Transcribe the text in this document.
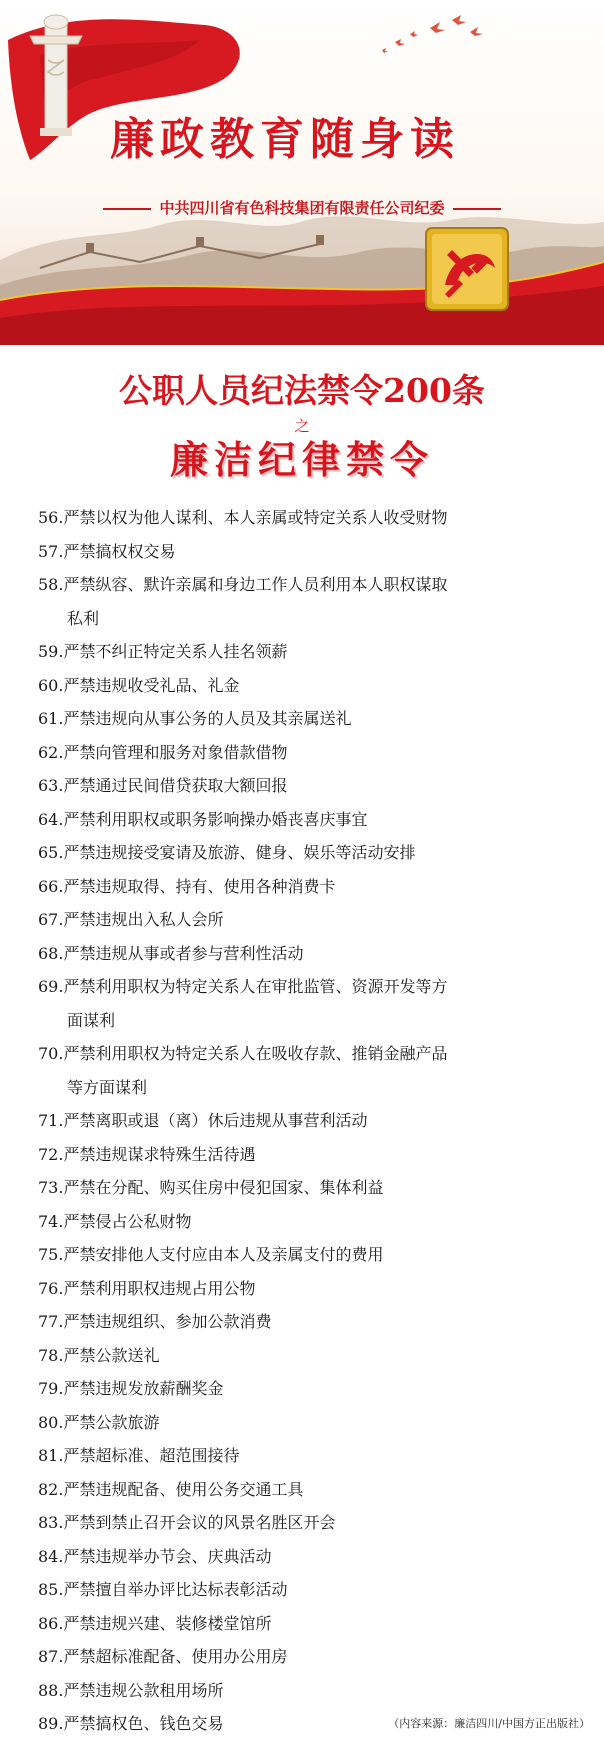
廉政教育随身读
中共四川省有色科技集团有限责任公司纪委
公职人员纪法禁令200条
之
廉洁纪律禁令
56.严禁以权为他人谋利、本人亲属或特定关系人收受财物
57.严禁搞权权交易
58.严禁纵容、默许亲属和身边工作人员利用本人职权谋取
私利
59.严禁不纠正特定关系人挂名领薪
60.严禁违规收受礼品、礼金
61.严禁违规向从事公务的人员及其亲属送礼
62.严禁向管理和服务对象借款借物
63.严禁通过民间借贷获取大额回报
64.严禁利用职权或职务影响操办婚丧喜庆事宜
65.严禁违规接受宴请及旅游、健身、娱乐等活动安排
66.严禁违规取得、持有、使用各种消费卡
67.严禁违规出入私人会所
68.严禁违规从事或者参与营利性活动
69.严禁利用职权为特定关系人在审批监管、资源开发等方
面谋利
70.严禁利用职权为特定关系人在吸收存款、推销金融产品
等方面谋利
71.严禁离职或退（离）休后违规从事营利活动
72.严禁违规谋求特殊生活待遇
73.严禁在分配、购买住房中侵犯国家、集体利益
74.严禁侵占公私财物
75.严禁安排他人支付应由本人及亲属支付的费用
76.严禁利用职权违规占用公物
77.严禁违规组织、参加公款消费
78.严禁公款送礼
79.严禁违规发放薪酬奖金
80.严禁公款旅游
81.严禁超标准、超范围接待
82.严禁违规配备、使用公务交通工具
83.严禁到禁止召开会议的风景名胜区开会
84.严禁违规举办节会、庆典活动
85.严禁擅自举办评比达标表彰活动
86.严禁违规兴建、装修楼堂馆所
87.严禁超标准配备、使用办公用房
88.严禁违规公款租用场所
89.严禁搞权色、钱色交易	（内容来源：廉洁四川/中国方正出版社）
